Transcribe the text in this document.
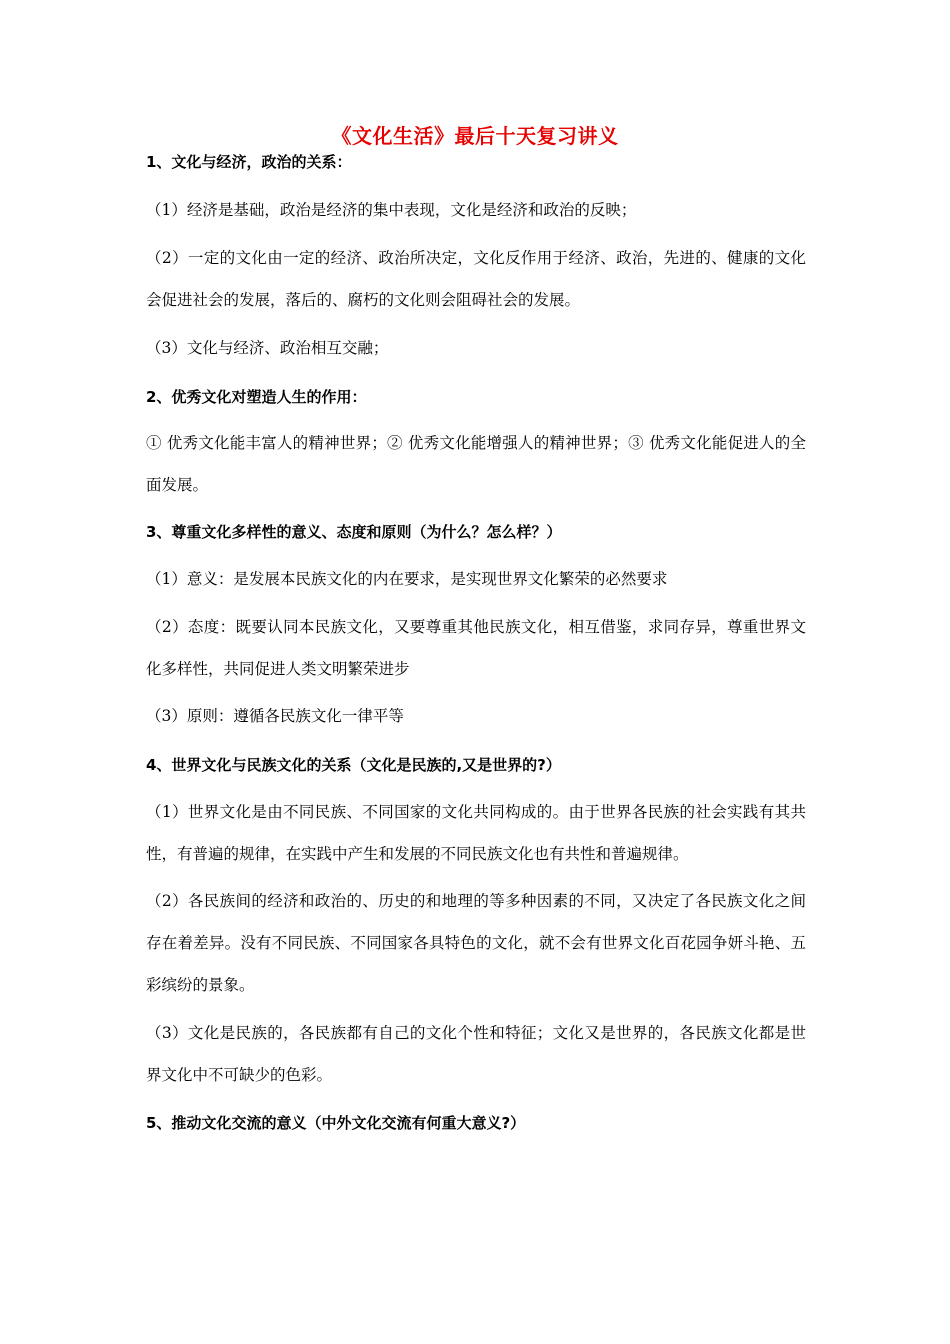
《文化生活》最后十天复习讲义
1、文化与经济，政治的关系：
（1）经济是基础，政治是经济的集中表现，文化是经济和政治的反映；
（2）一定的文化由一定的经济、政治所决定，文化反作用于经济、政治，先进的、健康的文化会促进社会的发展，落后的、腐朽的文化则会阻碍社会的发展。
（3）文化与经济、政治相互交融；
2、优秀文化对塑造人生的作用：
① 优秀文化能丰富人的精神世界；② 优秀文化能增强人的精神世界；③ 优秀文化能促进人的全面发展。
3、尊重文化多样性的意义、态度和原则（为什么？怎么样？）
（1）意义：是发展本民族文化的内在要求，是实现世界文化繁荣的必然要求
（2）态度：既要认同本民族文化，又要尊重其他民族文化，相互借鉴，求同存异，尊重世界文化多样性，共同促进人类文明繁荣进步
（3）原则：遵循各民族文化一律平等
4、世界文化与民族文化的关系（文化是民族的,又是世界的?）
（1）世界文化是由不同民族、不同国家的文化共同构成的。由于世界各民族的社会实践有其共性，有普遍的规律，在实践中产生和发展的不同民族文化也有共性和普遍规律。
（2）各民族间的经济和政治的、历史的和地理的等多种因素的不同，又决定了各民族文化之间存在着差异。没有不同民族、不同国家各具特色的文化，就不会有世界文化百花园争妍斗艳、五彩缤纷的景象。
（3）文化是民族的，各民族都有自己的文化个性和特征；文化又是世界的，各民族文化都是世界文化中不可缺少的色彩。
5、推动文化交流的意义（中外文化交流有何重大意义?）
